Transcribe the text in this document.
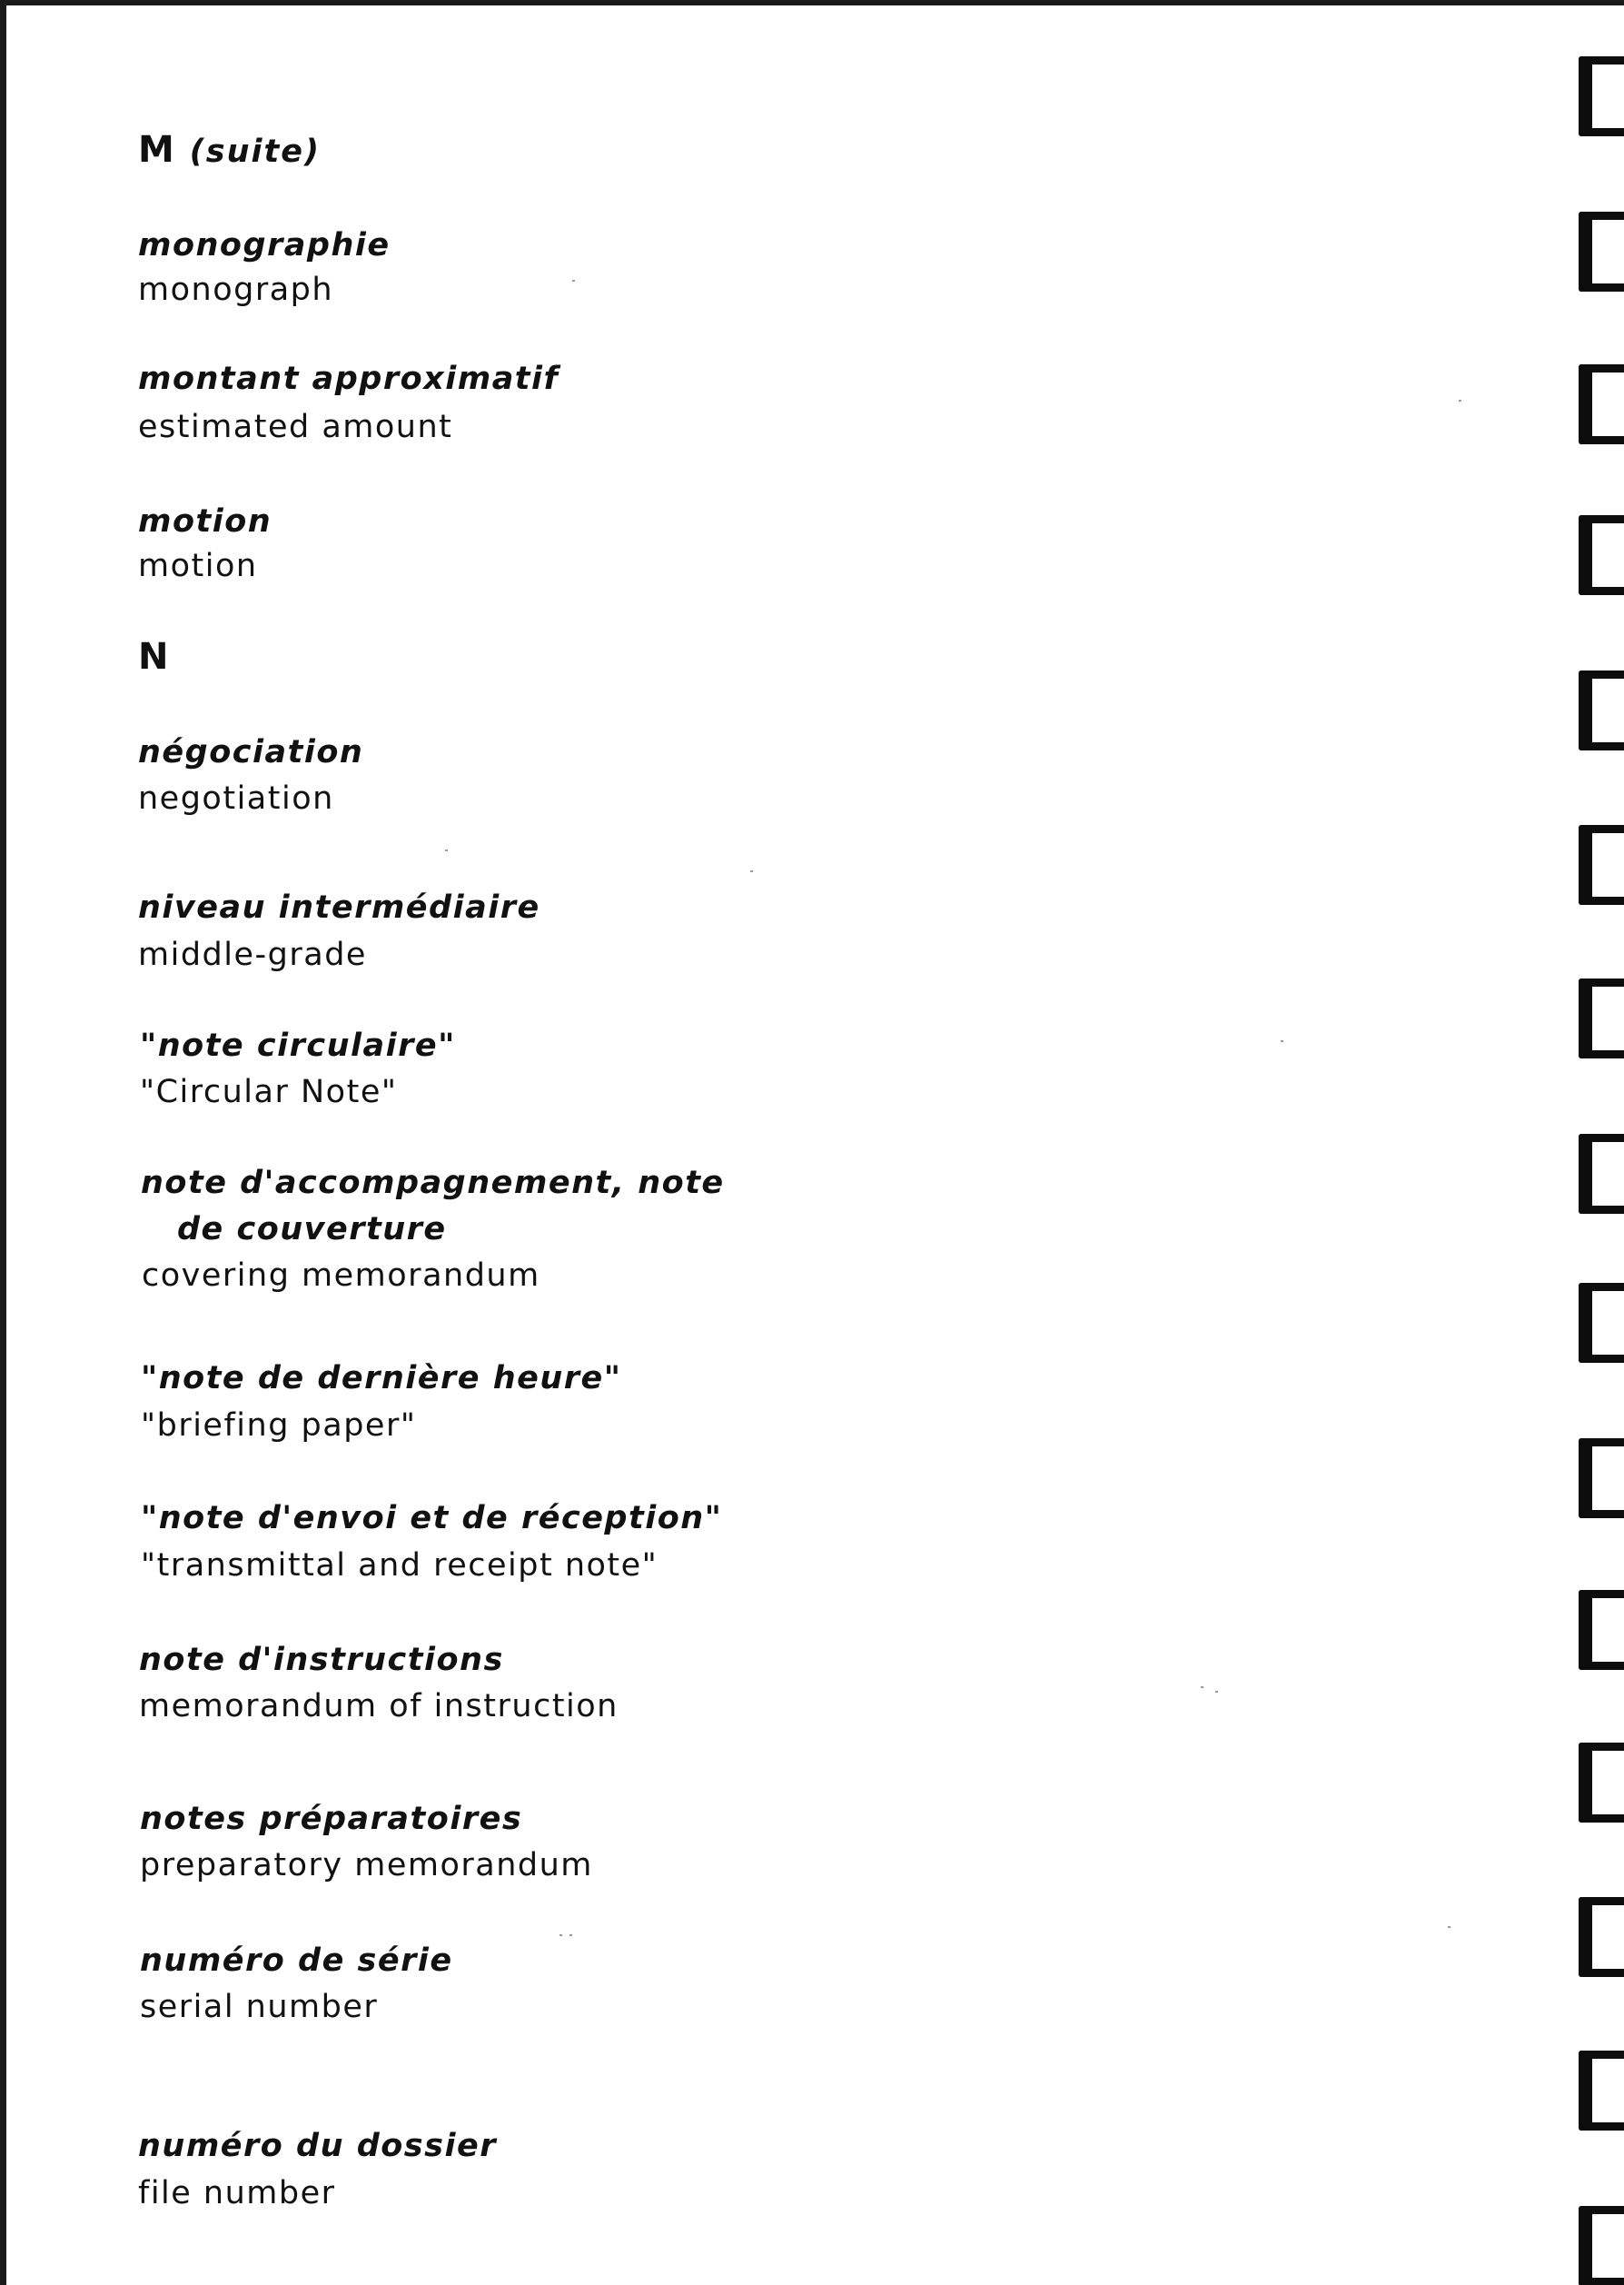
M (suite)
monographie
monograph
montant approximatif
estimated amount
motion
motion
N
négociation
negotiation
niveau intermédiaire
middle-grade
"note circulaire"
"Circular Note"
note d'accompagnement, note
de couverture
covering memorandum
"note de dernière heure"
"briefing paper"
"note d'envoi et de réception"
"transmittal and receipt note"
note d'instructions
memorandum of instruction
notes préparatoires
preparatory memorandum
numéro de série
serial number
numéro du dossier
file number
